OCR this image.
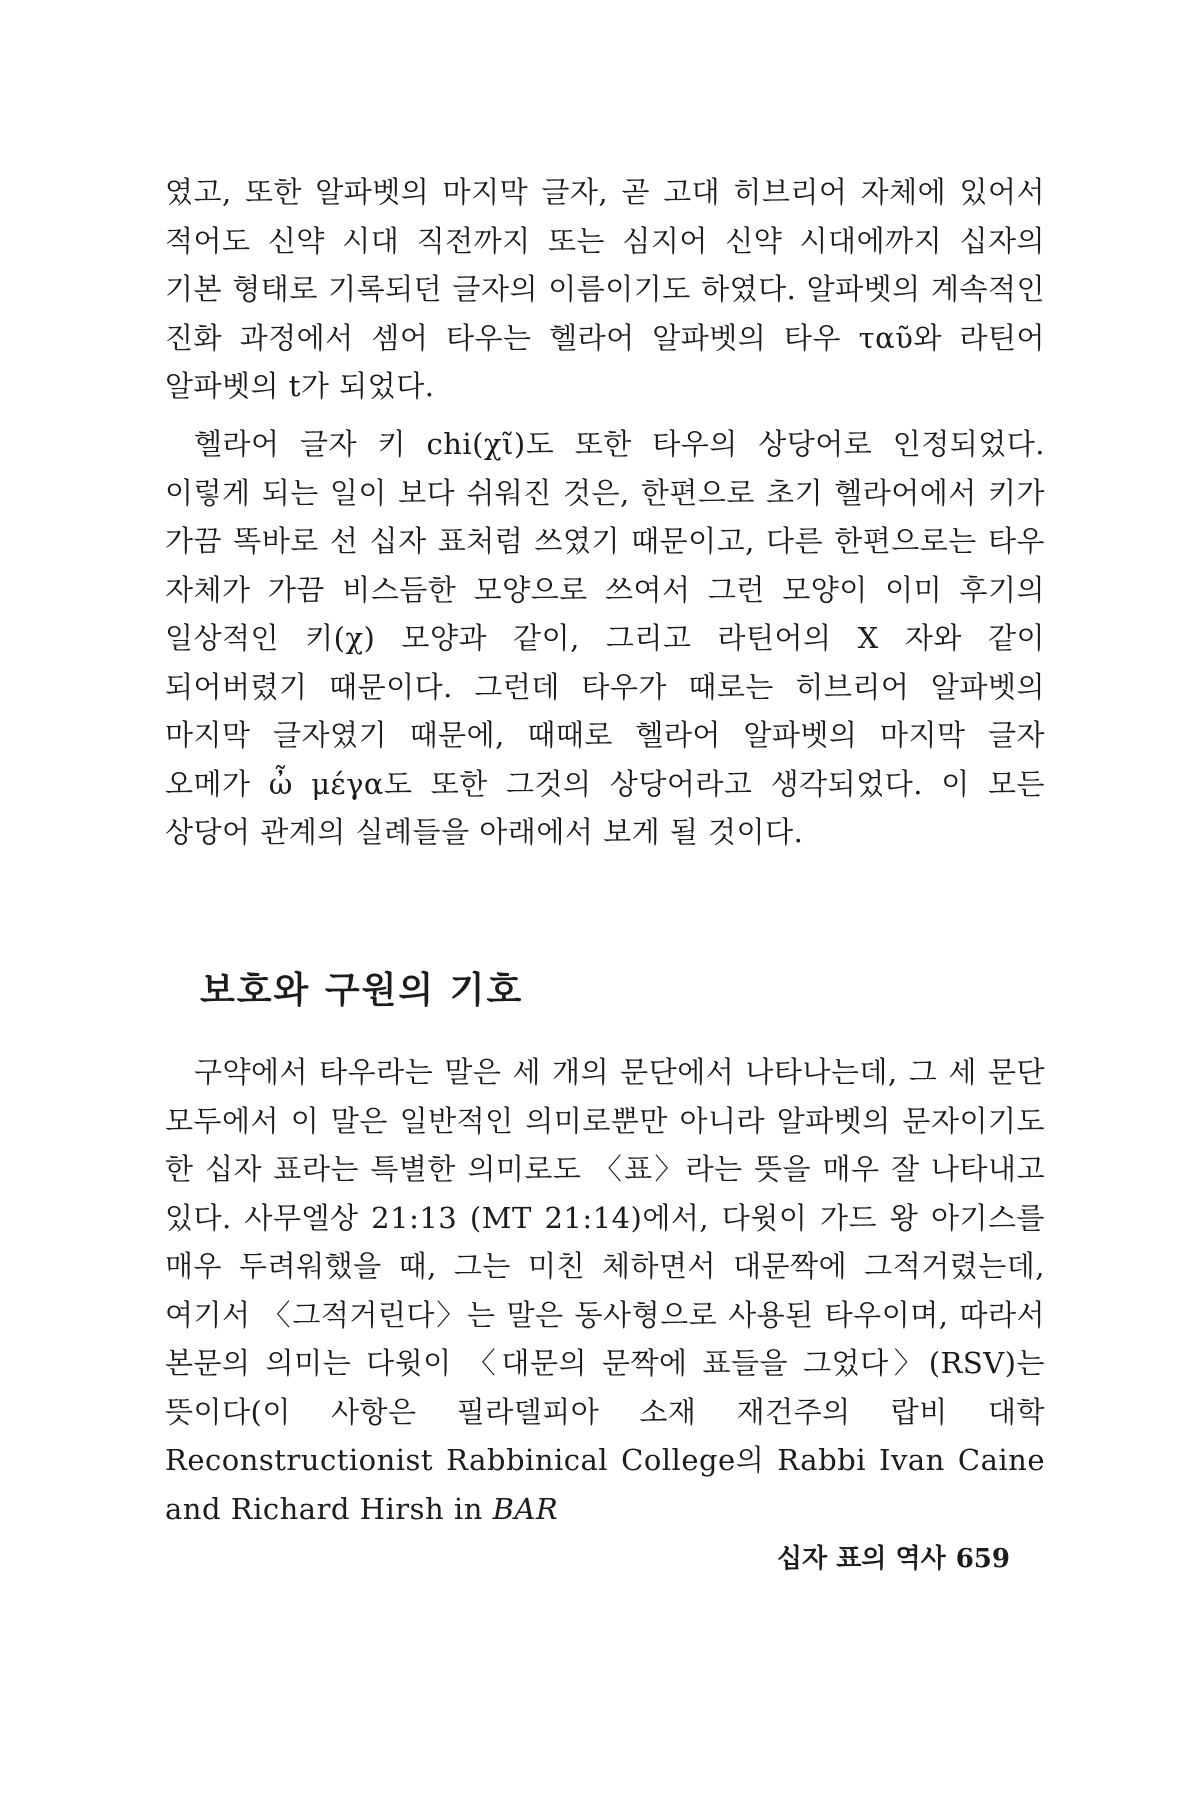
였고, 또한 알파벳의 마지막 글자, 곧 고대 히브리어 자체에 있어서 적어도 신약 시대 직전까지 또는 심지어 신약 시대에까지 십자의 기본 형태로 기록되던 글자의 이름이기도 하였다. 알파벳의 계속적인 진화 과정에서 셈어 타우는 헬라어 알파벳의 타우 ταῦ와 라틴어 알파벳의 t가 되었다.

헬라어 글자 키 chi(χῖ)도 또한 타우의 상당어로 인정되었다. 이렇게 되는 일이 보다 쉬워진 것은, 한편으로 초기 헬라어에서 키가 가끔 똑바로 선 십자 표처럼 쓰였기 때문이고, 다른 한편으로는 타우 자체가 가끔 비스듬한 모양으로 쓰여서 그런 모양이 이미 후기의 일상적인 키(χ) 모양과 같이, 그리고 라틴어의 X 자와 같이 되어버렸기 때문이다. 그런데 타우가 때로는 히브리어 알파벳의 마지막 글자였기 때문에, 때때로 헬라어 알파벳의 마지막 글자 오메가 ὦ μέγα도 또한 그것의 상당어라고 생각되었다. 이 모든 상당어 관계의 실례들을 아래에서 보게 될 것이다.

보호와 구원의 기호

구약에서 타우라는 말은 세 개의 문단에서 나타나는데, 그 세 문단 모두에서 이 말은 일반적인 의미로뿐만 아니라 알파벳의 문자이기도 한 십자 표라는 특별한 의미로도 〈표〉라는 뜻을 매우 잘 나타내고 있다. 사무엘상 21:13 (MT 21:14)에서, 다윗이 가드 왕 아기스를 매우 두려워했을 때, 그는 미친 체하면서 대문짝에 그적거렸는데, 여기서 〈그적거린다〉는 말은 동사형으로 사용된 타우이며, 따라서 본문의 의미는 다윗이 〈대문의 문짝에 표들을 그었다〉(RSV)는 뜻이다(이 사항은 필라델피아 소재 재건주의 랍비 대학 Reconstructionist Rabbinical College의 Rabbi Ivan Caine and Richard Hirsh in BAR

십자 표의 역사 659
